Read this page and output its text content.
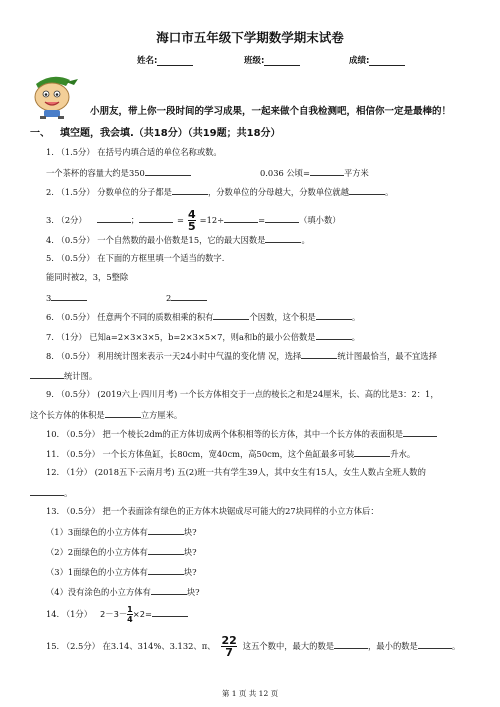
海口市五年级下学期数学期末试卷
姓名:	班级:	成绩:
小朋友，带上你一段时间的学习成果，一起来做个自我检测吧，相信你一定是最棒的！
一、 填空题，我会填.（共18分）（共19题；共18分）
1. （1.5分） 在括号内填合适的单位名称或数。
一个茶杯的容量大约是350	0.036 公顷=	平方米
2. （1.5分） 分数单位的分子都是	，分数单位的分母越大，分数单位就越	。
3. （2分）	；	= $\frac{4}{5} =12\div$	=	（填小数）
4. （0.5分） 一个自然数的最小倍数是15，它的最大因数是	。
5. （0.5分） 在下面的方框里填一个适当的数字.
能同时被2，3，5整除
3	2
6. （0.5分） 任意两个不同的质数相乘的积有	个因数，这个积是	。
7. （1分） 已知a=2×3×3×5，b=2×3×5×7，则a和b的最小公倍数是	。
8. （0.5分） 利用统计图来表示一天24小时中气温的变化情 况，选择	统计图最恰当，最不宜选择
统计图。
9. （0.5分） (2019六上·四川月考) 一个长方体相交于一点的棱长之和是24厘米，长、高的比是3：2：1，
这个长方体的体积是	立方厘米。
10. （0.5分） 把一个棱长2dm的正方体切成两个体积相等的长方体，其中一个长方体的表面积是
11. （0.5分） 一个长方体鱼缸，长80cm，宽40cm，高50cm，这个鱼缸最多可装	升水。
12. （1分） (2018五下·云南月考) 五(2)班一共有学生39人，其中女生有15人，女生人数占全班人数的
。
13. （0.5分） 把一个表面涂有绿色的正方体木块锯成尽可能大的27块同样的小立方体后：
（1）3面绿色的小立方体有	块?
（2）2面绿色的小立方体有	块?
（3）1面绿色的小立方体有	块?
（4）没有涂色的小立方体有	块?
14. （1分） $2-3- \frac{1}{4} \times 2=$
15. （2.5分） 在3.14、314%、3.132、π、 $\frac{22}{7}$ 这五个数中，最大的数是	，最小的数是	。
第 1 页 共 12 页
